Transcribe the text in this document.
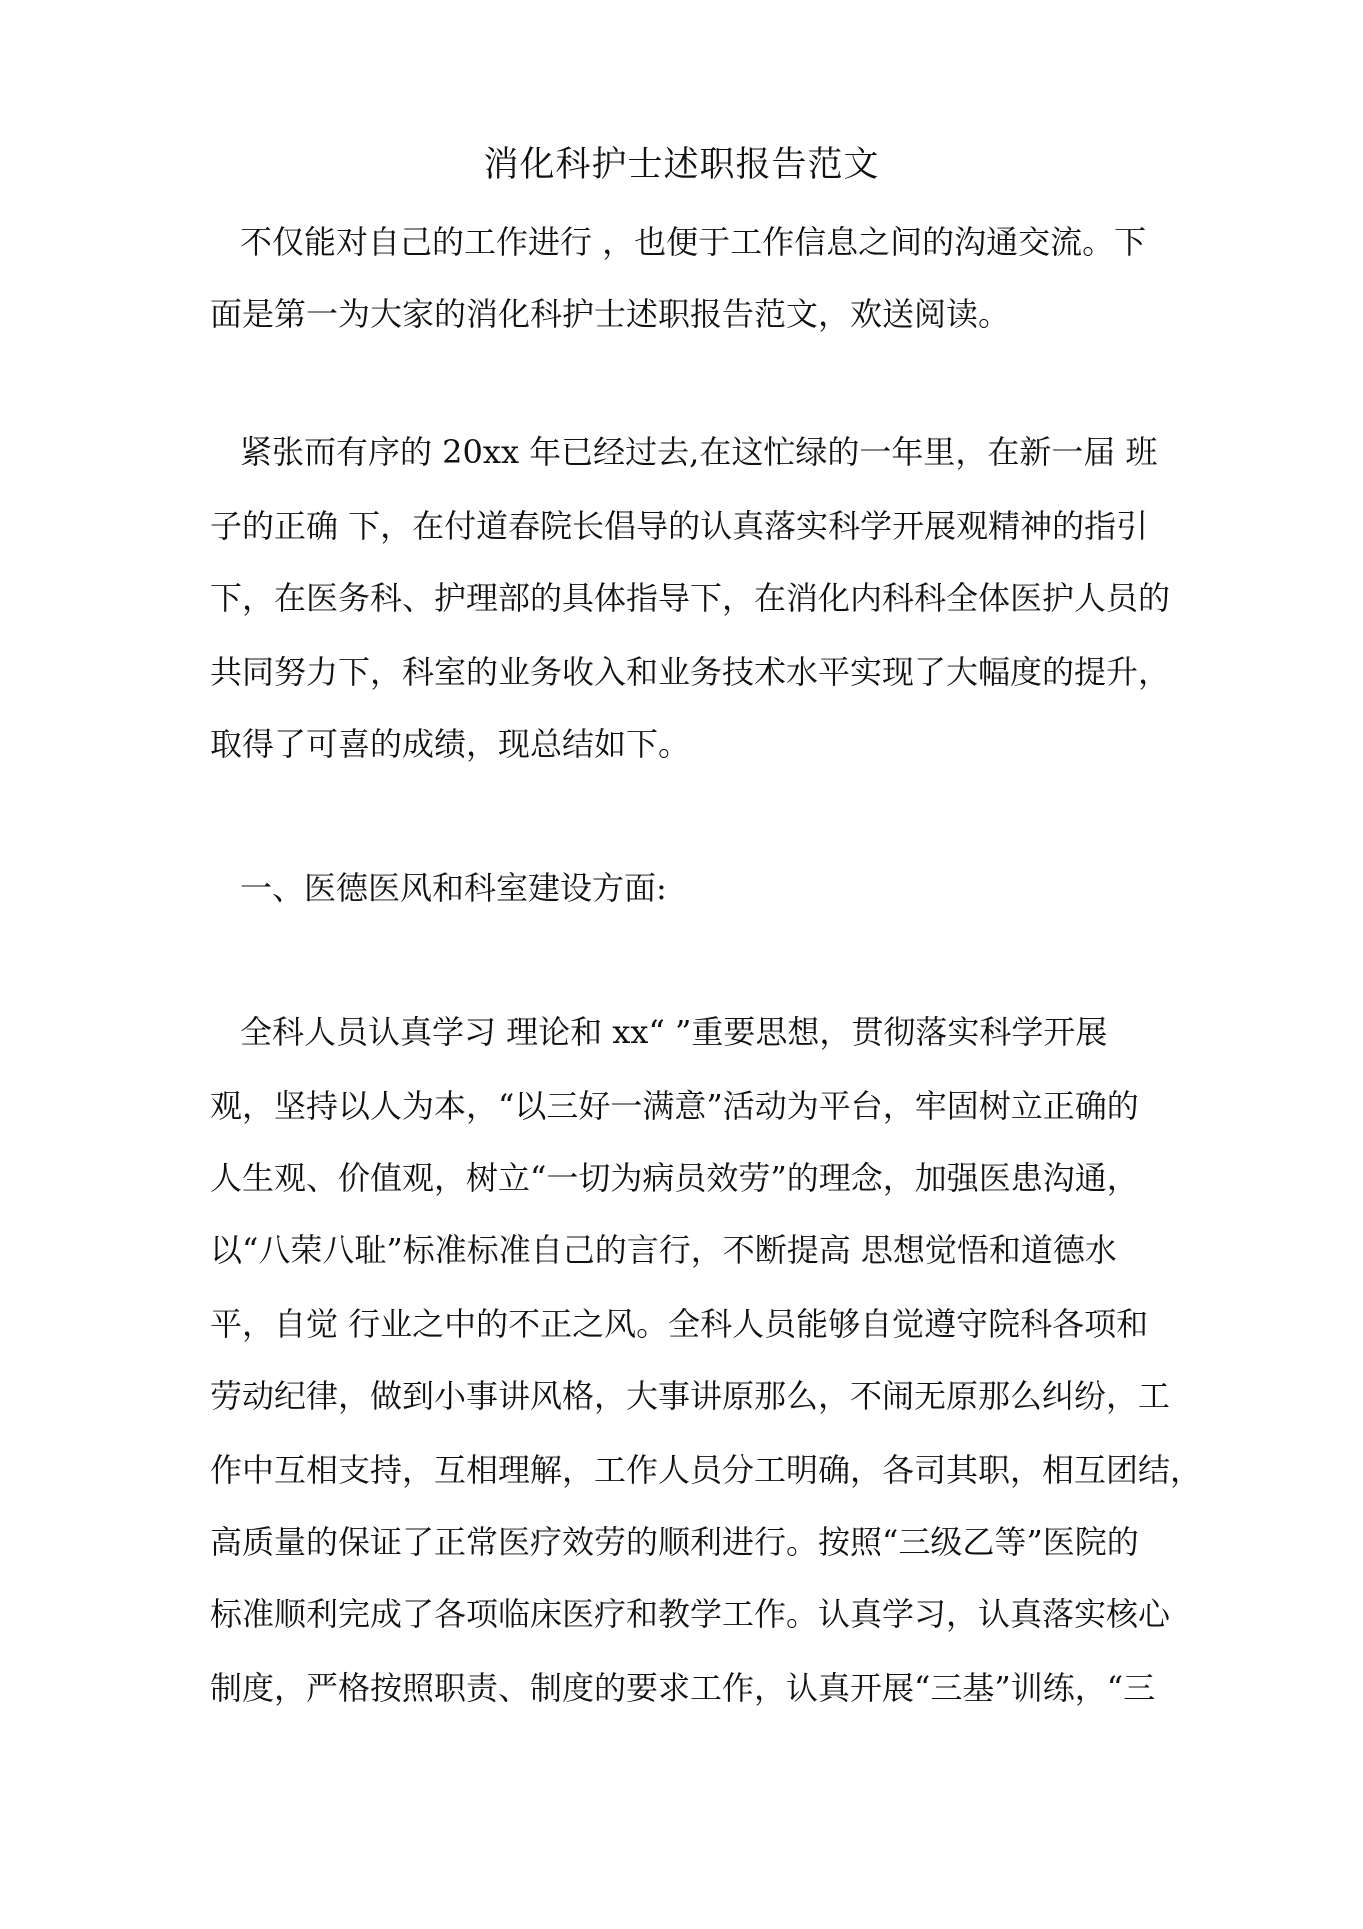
消化科护士述职报告范文
不仅能对自己的工作进行 ，也便于工作信息之间的沟通交流。下
面是第一为大家的消化科护士述职报告范文，欢送阅读。
紧张而有序的 20xx 年已经过去,在这忙绿的一年里，在新一届 班
子的正确 下，在付道春院长倡导的认真落实科学开展观精神的指引
下，在医务科、护理部的具体指导下，在消化内科科全体医护人员的
共同努力下，科室的业务收入和业务技术水平实现了大幅度的提升，
取得了可喜的成绩，现总结如下。
一、医德医风和科室建设方面:
全科人员认真学习 理论和 xx“ ”重要思想，贯彻落实科学开展
观，坚持以人为本，“以三好一满意”活动为平台，牢固树立正确的
人生观、价值观，树立“一切为病员效劳”的理念，加强医患沟通，
以“八荣八耻”标准标准自己的言行，不断提高 思想觉悟和道德水
平，自觉 行业之中的不正之风。全科人员能够自觉遵守院科各项和
劳动纪律，做到小事讲风格，大事讲原那么，不闹无原那么纠纷，工
作中互相支持，互相理解，工作人员分工明确，各司其职，相互团结，
高质量的保证了正常医疗效劳的顺利进行。按照“三级乙等”医院的
标准顺利完成了各项临床医疗和教学工作。认真学习，认真落实核心
制度，严格按照职责、制度的要求工作，认真开展“三基”训练，“三
